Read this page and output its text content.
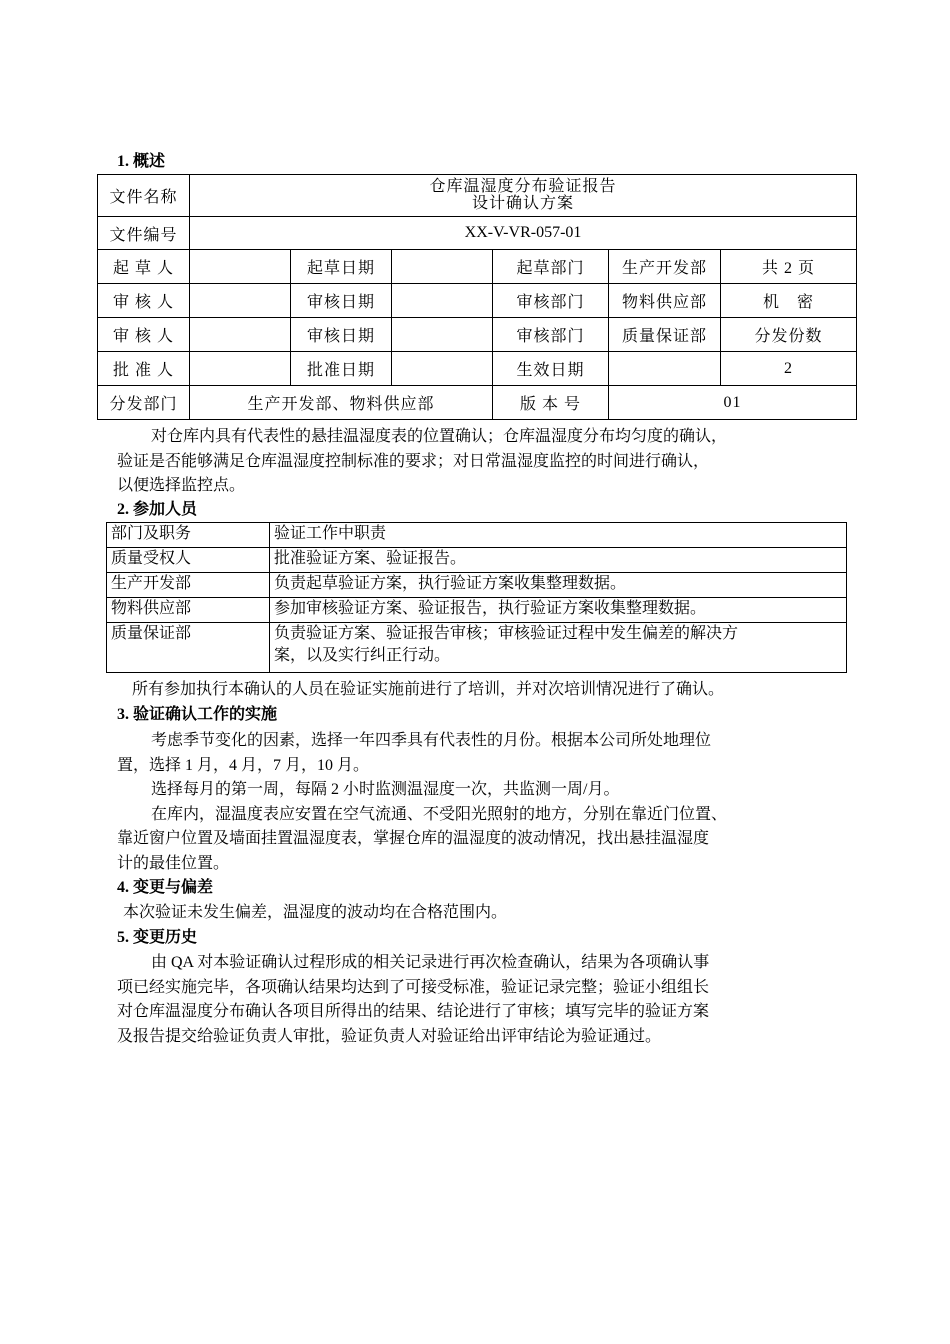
1. 概述
文件名称	仓库温湿度分布验证报告
设计确认方案					

文件编号	XX-V-VR-057-01					
起 草 人		起草日期		起草部门	生产开发部	共 2 页
审 核 人		审核日期		审核部门	物料供应部	机　密
审 核 人		审核日期		审核部门	质量保证部	分发份数
批 准 人		批准日期		生效日期		2
分发部门	生产开发部、物料供应部			版 本 号	01	
对仓库内具有代表性的悬挂温湿度表的位置确认；仓库温湿度分布均匀度的确认，
验证是否能够满足仓库温湿度控制标准的要求；对日常温湿度监控的时间进行确认，
以便选择监控点。
2. 参加人员
部门及职务	验证工作中职责
质量受权人	批准验证方案、验证报告。
生产开发部	负责起草验证方案，执行验证方案收集整理数据。
物料供应部	参加审核验证方案、验证报告，执行验证方案收集整理数据。
质量保证部	负责验证方案、验证报告审核；审核验证过程中发生偏差的解决方
案，以及实行纠正行动。
所有参加执行本确认的人员在验证实施前进行了培训，并对次培训情况进行了确认。
3. 验证确认工作的实施
考虑季节变化的因素，选择一年四季具有代表性的月份。根据本公司所处地理位
置，选择 1 月，4 月，7 月，10 月。
选择每月的第一周，每隔 2 小时监测温湿度一次，共监测一周/月。
在库内，湿温度表应安置在空气流通、不受阳光照射的地方，分别在靠近门位置、
靠近窗户位置及墙面挂置温湿度表，掌握仓库的温湿度的波动情况，找出悬挂温湿度
计的最佳位置。
4. 变更与偏差
本次验证未发生偏差，温湿度的波动均在合格范围内。
5. 变更历史
由 QA 对本验证确认过程形成的相关记录进行再次检查确认，结果为各项确认事
项已经实施完毕，各项确认结果均达到了可接受标准，验证记录完整；验证小组组长
对仓库温湿度分布确认各项目所得出的结果、结论进行了审核；填写完毕的验证方案
及报告提交给验证负责人审批，验证负责人对验证给出评审结论为验证通过。
